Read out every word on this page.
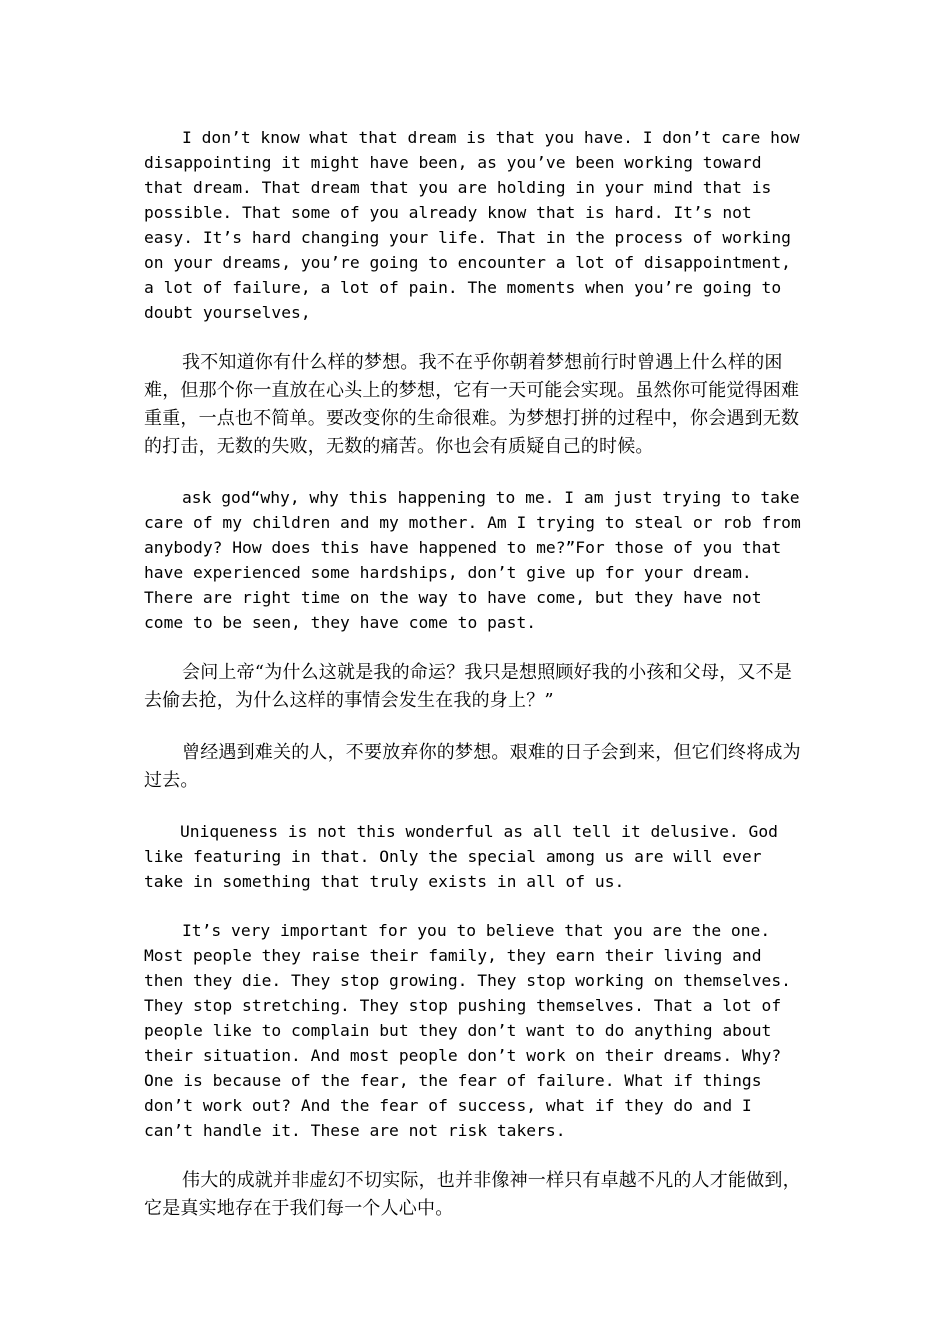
I don’t know what that dream is that you have. I don’t care how disappointing it might have been, as you’ve been working toward that dream. That dream that you are holding in your mind that is possible. That some of you already know that is hard. It’s not easy. It’s hard changing your life. That in the process of working on your dreams, you’re going to encounter a lot of disappointment, a lot of failure, a lot of pain. The moments when you’re going to doubt yourselves,

我不知道你有什么样的梦想。我不在乎你朝着梦想前行时曾遇上什么样的困难，但那个你一直放在心头上的梦想，它有一天可能会实现。虽然你可能觉得困难重重，一点也不简单。要改变你的生命很难。为梦想打拼的过程中，你会遇到无数的打击，无数的失败，无数的痛苦。你也会有质疑自己的时候。

ask god“why, why this happening to me. I am just trying to take care of my children and my mother. Am I trying to steal or rob from anybody? How does this have happened to me?”For those of you that have experienced some hardships, don’t give up for your dream. There are right time on the way to have come, but they have not come to be seen, they have come to past.

会问上帝“为什么这就是我的命运？我只是想照顾好我的小孩和父母，又不是去偷去抢，为什么这样的事情会发生在我的身上？”

曾经遇到难关的人，不要放弃你的梦想。艰难的日子会到来，但它们终将成为过去。

Uniqueness is not this wonderful as all tell it delusive. God like featuring in that. Only the special among us are will ever take in something that truly exists in all of us.

It’s very important for you to believe that you are the one. Most people they raise their family, they earn their living and then they die. They stop growing. They stop working on themselves. They stop stretching. They stop pushing themselves. That a lot of people like to complain but they don’t want to do anything about their situation. And most people don’t work on their dreams. Why? One is because of the fear, the fear of failure. What if things don’t work out? And the fear of success, what if they do and I can’t handle it. These are not risk takers.

伟大的成就并非虚幻不切实际，也并非像神一样只有卓越不凡的人才能做到，它是真实地存在于我们每一个人心中。
